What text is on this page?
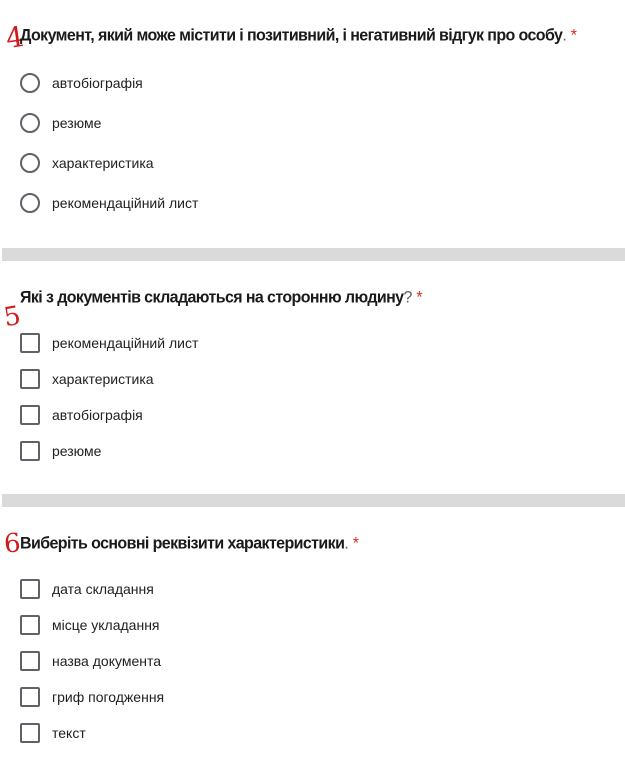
4
Документ, який може містити і позитивний, і негативний відгук про особу. *
автобіографія
резюме
характеристика
рекомендаційний лист
5
Які з документів складаються на сторонню людину? *
рекомендаційний лист
характеристика
автобіографія
резюме
6
Виберіть основні реквізити характеристики. *
дата складання
місце укладання
назва документа
гриф погодження
текст
